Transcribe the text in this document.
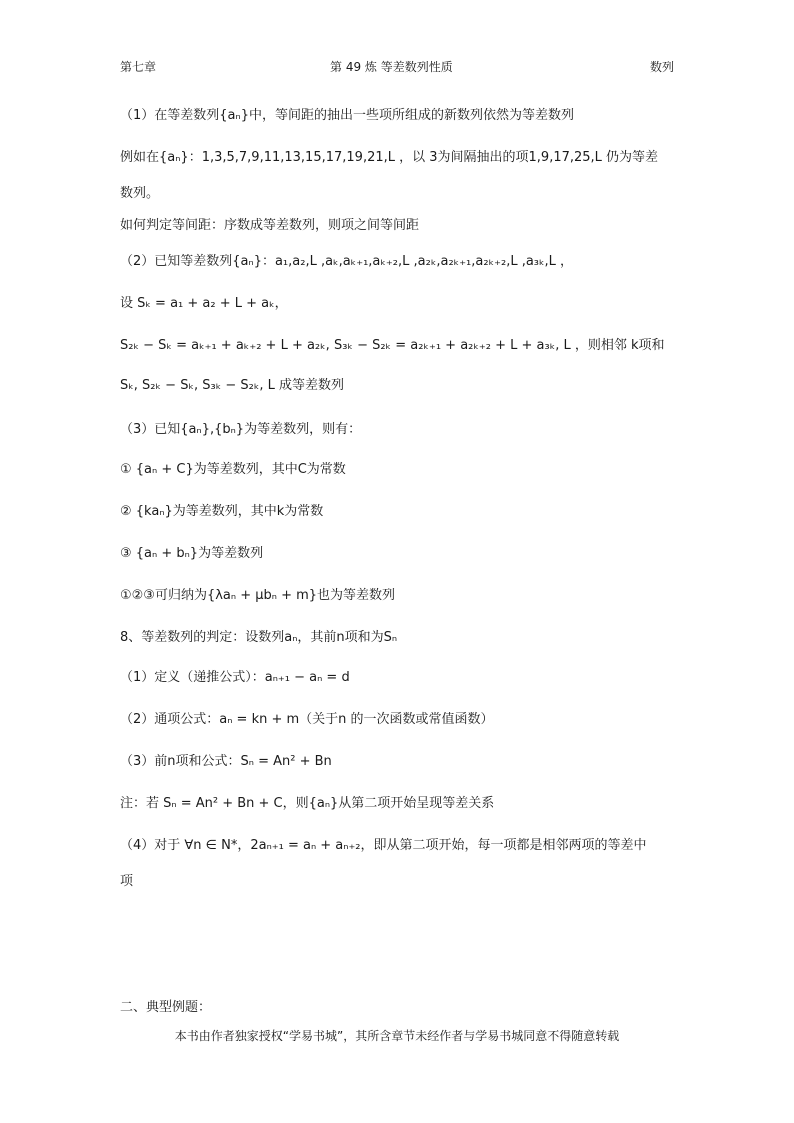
第七章	第 49 炼 等差数列性质	数列
（1）在等差数列{aₙ}中，等间距的抽出一些项所组成的新数列依然为等差数列
例如在{aₙ}：1,3,5,7,9,11,13,15,17,19,21,L ，以 3为间隔抽出的项1,9,17,25,L 仍为等差
数列。
如何判定等间距：序数成等差数列，则项之间等间距
（2）已知等差数列{aₙ}：a₁,a₂,L ,aₖ,aₖ₊₁,aₖ₊₂,L ,a₂ₖ,a₂ₖ₊₁,a₂ₖ₊₂,L ,a₃ₖ,L ，
设 Sₖ = a₁ + a₂ + L + aₖ，
S₂ₖ − Sₖ = aₖ₊₁ + aₖ₊₂ + L + a₂ₖ, S₃ₖ − S₂ₖ = a₂ₖ₊₁ + a₂ₖ₊₂ + L + a₃ₖ, L ，则相邻 k项和
Sₖ, S₂ₖ − Sₖ, S₃ₖ − S₂ₖ, L 成等差数列
（3）已知{aₙ},{bₙ}为等差数列，则有：
① {aₙ + C}为等差数列，其中C为常数
② {kaₙ}为等差数列，其中k为常数
③ {aₙ + bₙ}为等差数列
①②③可归纳为{λaₙ + μbₙ + m}也为等差数列
8、等差数列的判定：设数列aₙ，其前n项和为Sₙ
（1）定义（递推公式）：aₙ₊₁ − aₙ = d
（2）通项公式：aₙ = kn + m（关于n 的一次函数或常值函数）
（3）前n项和公式：Sₙ = An² + Bn
注：若 Sₙ = An² + Bn + C，则{aₙ}从第二项开始呈现等差关系
（4）对于 ∀n ∈ N*，2aₙ₊₁ = aₙ + aₙ₊₂，即从第二项开始，每一项都是相邻两项的等差中
项
二、典型例题：
本书由作者独家授权“学易书城”，其所含章节未经作者与学易书城同意不得随意转载
